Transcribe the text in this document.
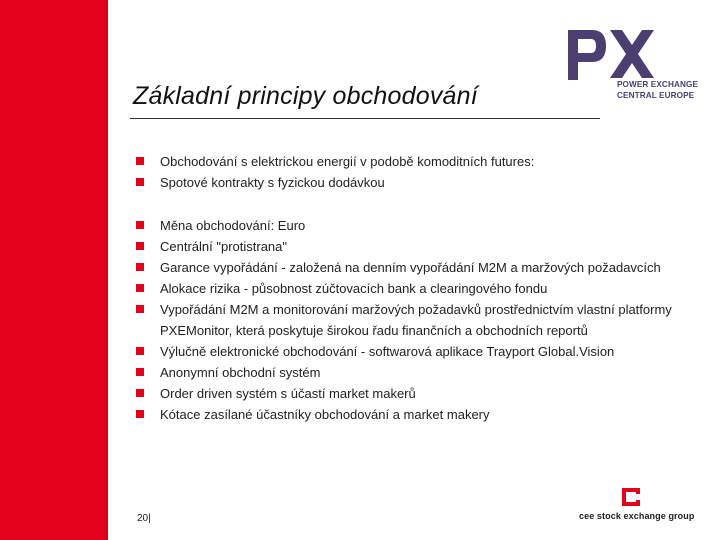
POWER EXCHANGE
CENTRAL EUROPE
Základní principy obchodování
Obchodování s elektrickou energií v podobě komoditních futures:
Spotové kontrakty s fyzickou dodávkou
Měna obchodování: Euro
Centrální "protistrana"
Garance vypořádání - založená na denním vypořádání M2M a maržových požadavcích
Alokace rizika - působnost zúčtovacích bank a clearingového fondu
Vypořádání M2M a monitorování maržových požadavků prostřednictvím vlastní platformy PXEMonitor, která poskytuje širokou řadu finančních a obchodních reportů
Výlučně elektronické obchodování - softwarová aplikace Trayport Global.Vision
Anonymní obchodní systém
Order driven systém s účastí market makerů
Kótace zasílané účastníky obchodování a market makery
20|	cee stock exchange group
